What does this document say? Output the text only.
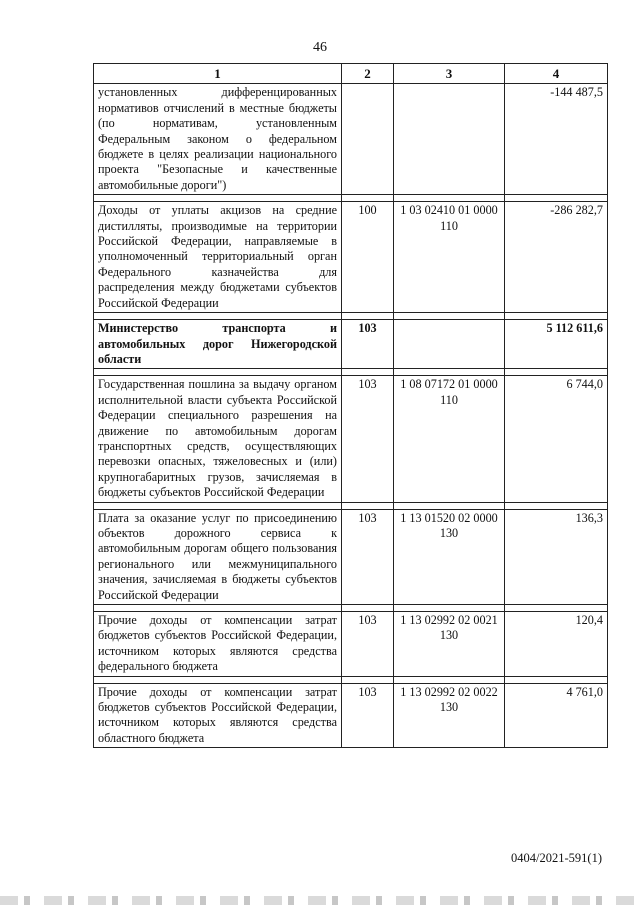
46
1	2	3	4
установленных дифференцированных нормативов отчислений в местные бюджеты (по нормативам, установленным Федеральным законом о федеральном бюджете в целях реализации национального проекта "Безопасные и качественные автомобильные дороги")			-144 487,5

Доходы от уплаты акцизов на средние дистилляты, производимые на территории Российской Федерации, направляемые в уполномоченный территориальный орган Федерального казначейства для распределения между бюджетами субъектов Российской Федерации	100	1 03 02410 01 0000 110	-286 282,7

Министерство транспорта и автомобильных дорог Нижегородской области	103		5 112 611,6

Государственная пошлина за выдачу органом исполнительной власти субъекта Российской Федерации специального разрешения на движение по автомобильным дорогам транспортных средств, осуществляющих перевозки опасных, тяжеловесных и (или) крупногабаритных грузов, зачисляемая в бюджеты субъектов Российской Федерации	103	1 08 07172 01 0000 110	6 744,0

Плата за оказание услуг по присоединению объектов дорожного сервиса к автомобильным дорогам общего пользования регионального или межмуниципального значения, зачисляемая в бюджеты субъектов Российской Федерации	103	1 13 01520 02 0000 130	136,3

Прочие доходы от компенсации затрат бюджетов субъектов Российской Федерации, источником которых являются средства федерального бюджета	103	1 13 02992 02 0021 130	120,4

Прочие доходы от компенсации затрат бюджетов субъектов Российской Федерации, источником которых являются средства областного бюджета	103	1 13 02992 02 0022 130	4 761,0
0404/2021-591(1)
